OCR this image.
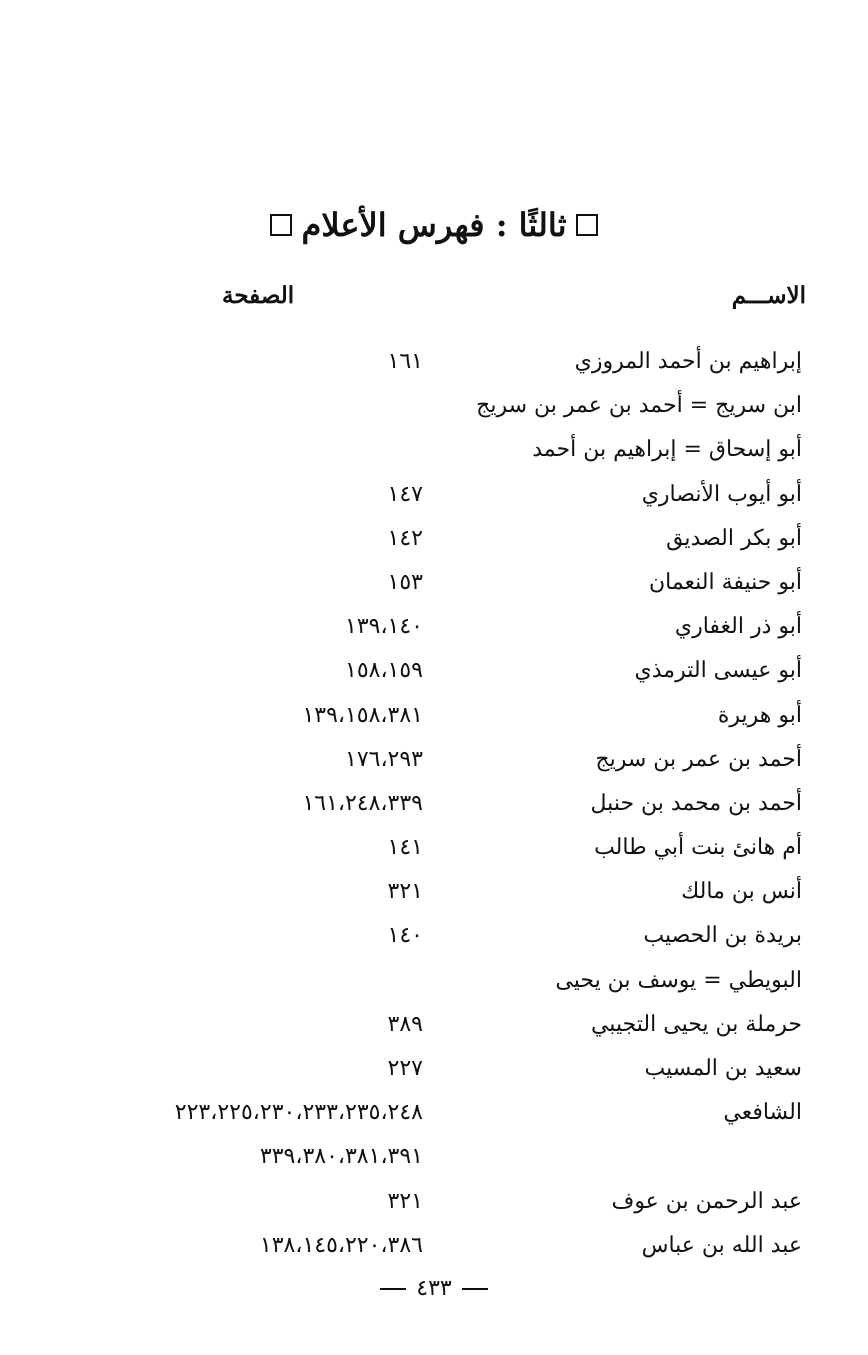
ثالثًا : فهرس الأعلام
الاســـم
الصفحة
إبراهيم بن أحمد المروزي
١٦١
ابن سريج = أحمد بن عمر بن سريج
أبو إسحاق = إبراهيم بن أحمد
أبو أيوب الأنصاري
١٤٧
أبو بكر الصديق
١٤٢
أبو حنيفة النعمان
١٥٣
أبو ذر الغفاري
١٣٩،١٤٠
أبو عيسى الترمذي
١٥٨،١٥٩
أبو هريرة
١٣٩،١٥٨،٣٨١
أحمد بن عمر بن سريج
١٧٦،٢٩٣
أحمد بن محمد بن حنبل
١٦١،٢٤٨،٣٣٩
أم هانئ بنت أبي طالب
١٤١
أنس بن مالك
٣٢١
بريدة بن الحصيب
١٤٠
البويطي = يوسف بن يحيى
حرملة بن يحيى التجيبي
٣٨٩
سعيد بن المسيب
٢٢٧
الشافعي
٢٢٣،٢٢٥،٢٣٠،٢٣٣،٢٣٥،٢٤٨
٣٣٩،٣٨٠،٣٨١،٣٩١
عبد الرحمن بن عوف
٣٢١
عبد الله بن عباس
١٣٨،١٤٥،٢٢٠،٣٨٦
٤٣٣
